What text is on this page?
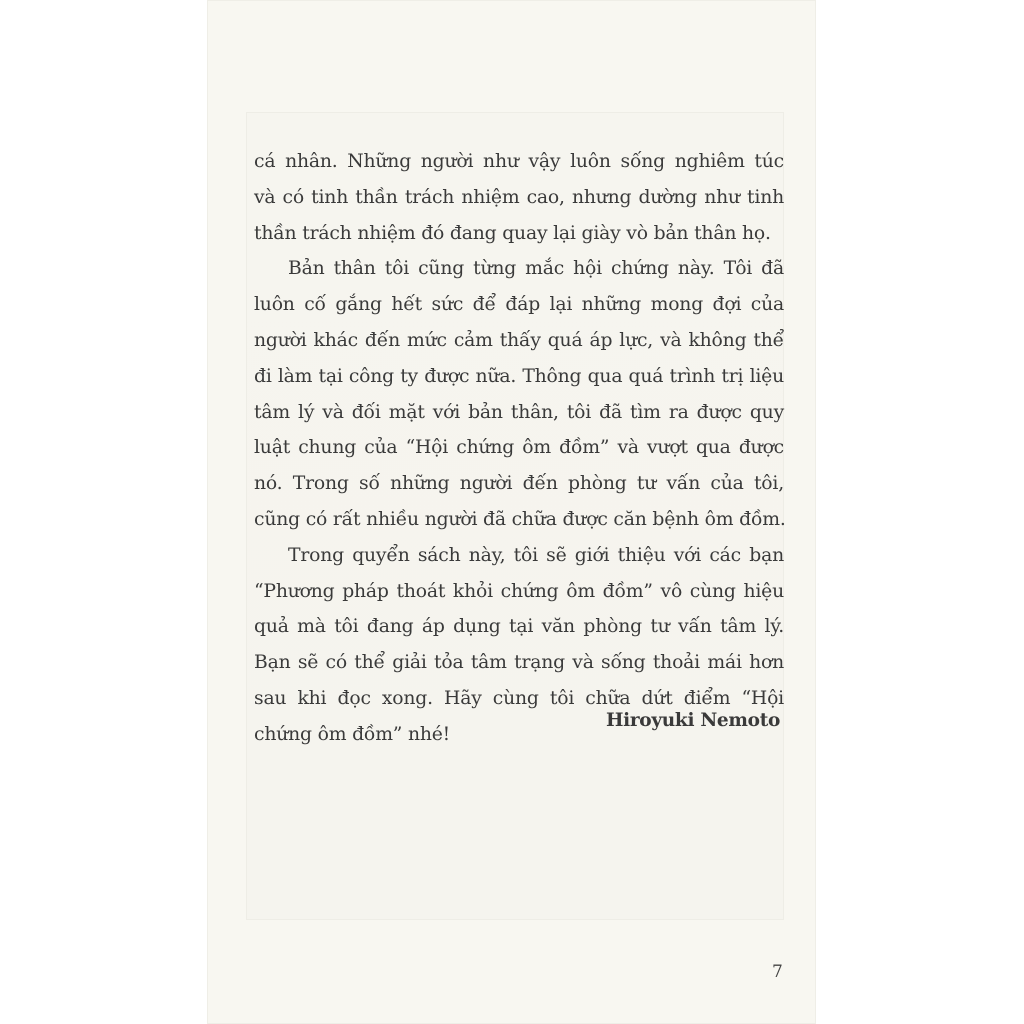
cá nhân. Những người như vậy luôn sống nghiêm túc
và có tinh thần trách nhiệm cao, nhưng dường như tinh
thần trách nhiệm đó đang quay lại giày vò bản thân họ.
Bản thân tôi cũng từng mắc hội chứng này. Tôi đã
luôn cố gắng hết sức để đáp lại những mong đợi của
người khác đến mức cảm thấy quá áp lực, và không thể
đi làm tại công ty được nữa. Thông qua quá trình trị liệu
tâm lý và đối mặt với bản thân, tôi đã tìm ra được quy
luật chung của “Hội chứng ôm đồm” và vượt qua được
nó. Trong số những người đến phòng tư vấn của tôi,
cũng có rất nhiều người đã chữa được căn bệnh ôm đồm.
Trong quyển sách này, tôi sẽ giới thiệu với các bạn
“Phương pháp thoát khỏi chứng ôm đồm” vô cùng hiệu
quả mà tôi đang áp dụng tại văn phòng tư vấn tâm lý.
Bạn sẽ có thể giải tỏa tâm trạng và sống thoải mái hơn
sau khi đọc xong. Hãy cùng tôi chữa dứt điểm “Hội
chứng ôm đồm” nhé!
Hiroyuki Nemoto
7
